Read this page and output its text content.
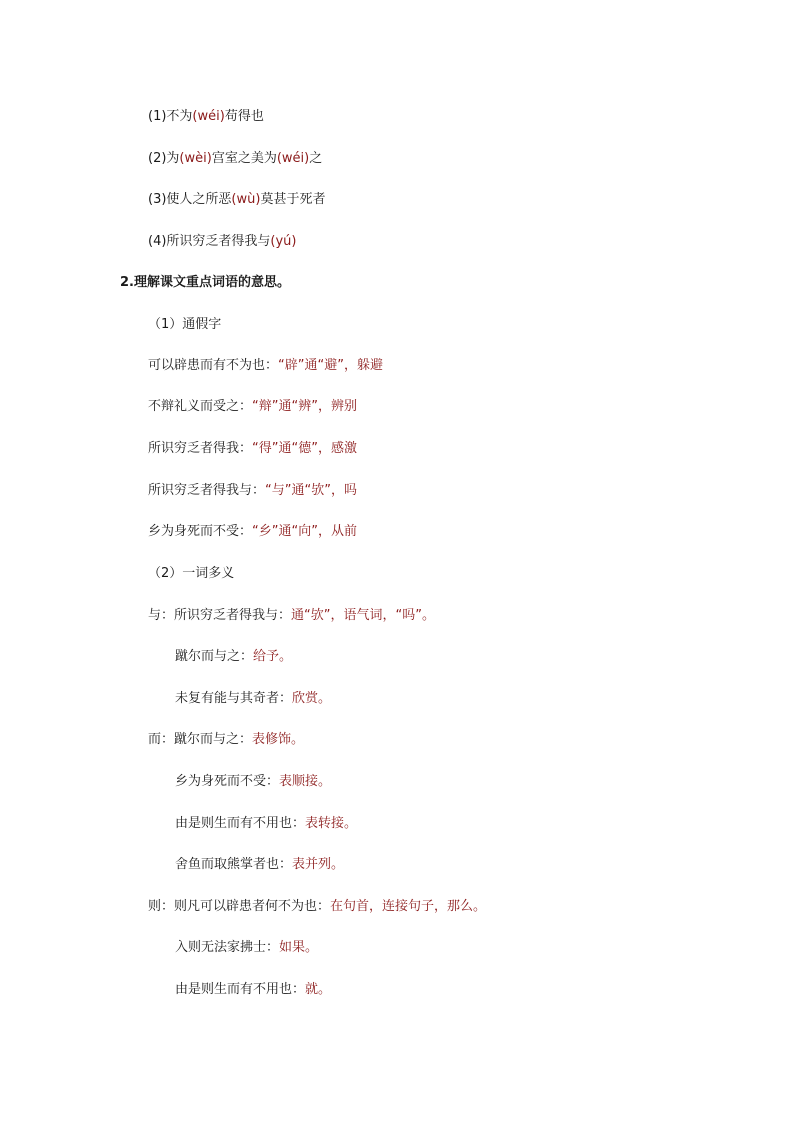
(1)不为(wéi)苟得也
(2)为(wèi)宫室之美为(wéi)之
(3)使人之所恶(wù)莫甚于死者
(4)所识穷乏者得我与(yú)
2.理解课文重点词语的意思。
（1）通假字
可以辟患而有不为也：“辟”通“避”，躲避
不辩礼义而受之：“辩”通“辨”，辨别
所识穷乏者得我：“得”通“德”，感激
所识穷乏者得我与：“与”通“欤”，吗
乡为身死而不受：“乡”通“向”，从前
（2）一词多义
与：所识穷乏者得我与：通“欤”，语气词，“吗”。
蹴尔而与之：给予。
未复有能与其奇者：欣赏。
而：蹴尔而与之：表修饰。
乡为身死而不受：表顺接。
由是则生而有不用也：表转接。
舍鱼而取熊掌者也：表并列。
则：则凡可以辟患者何不为也：在句首，连接句子，那么。
入则无法家拂士：如果。
由是则生而有不用也：就。
